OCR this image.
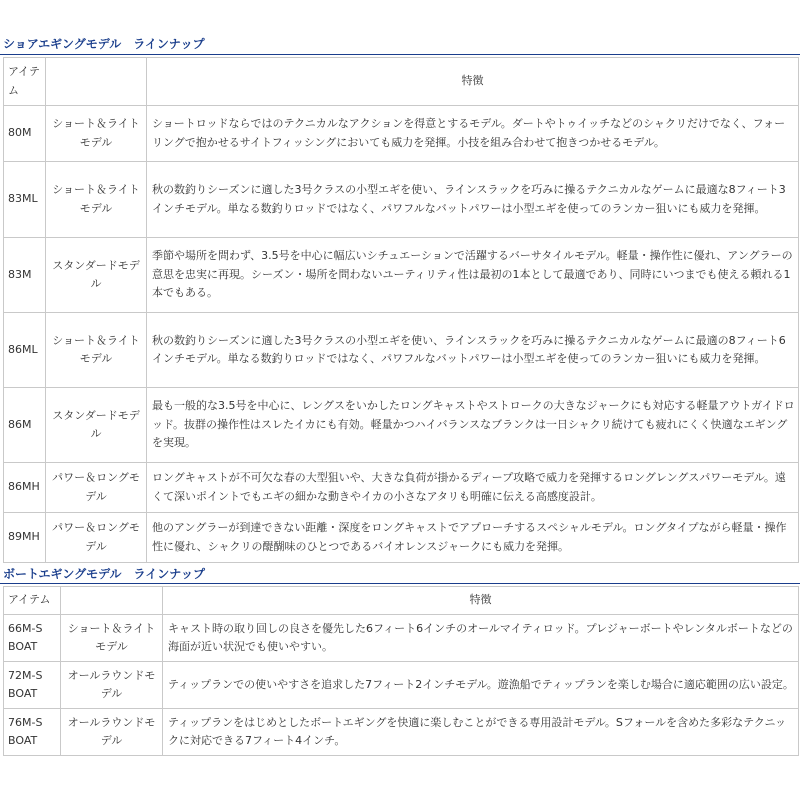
ショアエギングモデル　ラインナップ
アイテム		特徴
80M	ショート＆ライトモデル	ショートロッドならではのテクニカルなアクションを得意とするモデル。ダートやトゥイッチなどのシャクリだけでなく、フォーリングで抱かせるサイトフィッシングにおいても威力を発揮。小技を組み合わせて抱きつかせるモデル。
83ML	ショート＆ライトモデル	秋の数釣りシーズンに適した3号クラスの小型エギを使い、ラインスラックを巧みに操るテクニカルなゲームに最適な8フィート3インチモデル。単なる数釣りロッドではなく、パワフルなバットパワーは小型エギを使ってのランカー狙いにも威力を発揮。
83M	スタンダードモデル	季節や場所を問わず、3.5号を中心に幅広いシチュエーションで活躍するバーサタイルモデル。軽量・操作性に優れ、アングラーの意思を忠実に再現。シーズン・場所を問わないユーティリティ性は最初の1本として最適であり、同時にいつまでも使える頼れる1本でもある。
86ML	ショート＆ライトモデル	秋の数釣りシーズンに適した3号クラスの小型エギを使い、ラインスラックを巧みに操るテクニカルなゲームに最適の8フィート6インチモデル。単なる数釣りロッドではなく、パワフルなバットパワーは小型エギを使ってのランカー狙いにも威力を発揮。
86M	スタンダードモデル	最も一般的な3.5号を中心に、レングスをいかしたロングキャストやストロークの大きなジャークにも対応する軽量アウトガイドロッド。抜群の操作性はスレたイカにも有効。軽量かつハイバランスなブランクは一日シャクリ続けても疲れにくく快適なエギングを実現。
86MH	パワー＆ロングモデル	ロングキャストが不可欠な春の大型狙いや、大きな負荷が掛かるディープ攻略で威力を発揮するロングレングスパワーモデル。遠くて深いポイントでもエギの細かな動きやイカの小さなアタリも明確に伝える高感度設計。
89MH	パワー＆ロングモデル	他のアングラーが到達できない距離・深度をロングキャストでアプローチするスペシャルモデル。ロングタイプながら軽量・操作性に優れ、シャクリの醍醐味のひとつであるバイオレンスジャークにも威力を発揮。
ボートエギングモデル　ラインナップ
アイテム		特徴
66M-S BOAT	ショート＆ライトモデル	キャスト時の取り回しの良さを優先した6フィート6インチのオールマイティロッド。プレジャーボートやレンタルボートなどの海面が近い状況でも使いやすい。
72M-S BOAT	オールラウンドモデル	ティップランでの使いやすさを追求した7フィート2インチモデル。遊漁船でティップランを楽しむ場合に適応範囲の広い設定。
76M-S BOAT	オールラウンドモデル	ティップランをはじめとしたボートエギングを快適に楽しむことができる専用設計モデル。Sフォールを含めた多彩なテクニックに対応できる7フィート4インチ。
